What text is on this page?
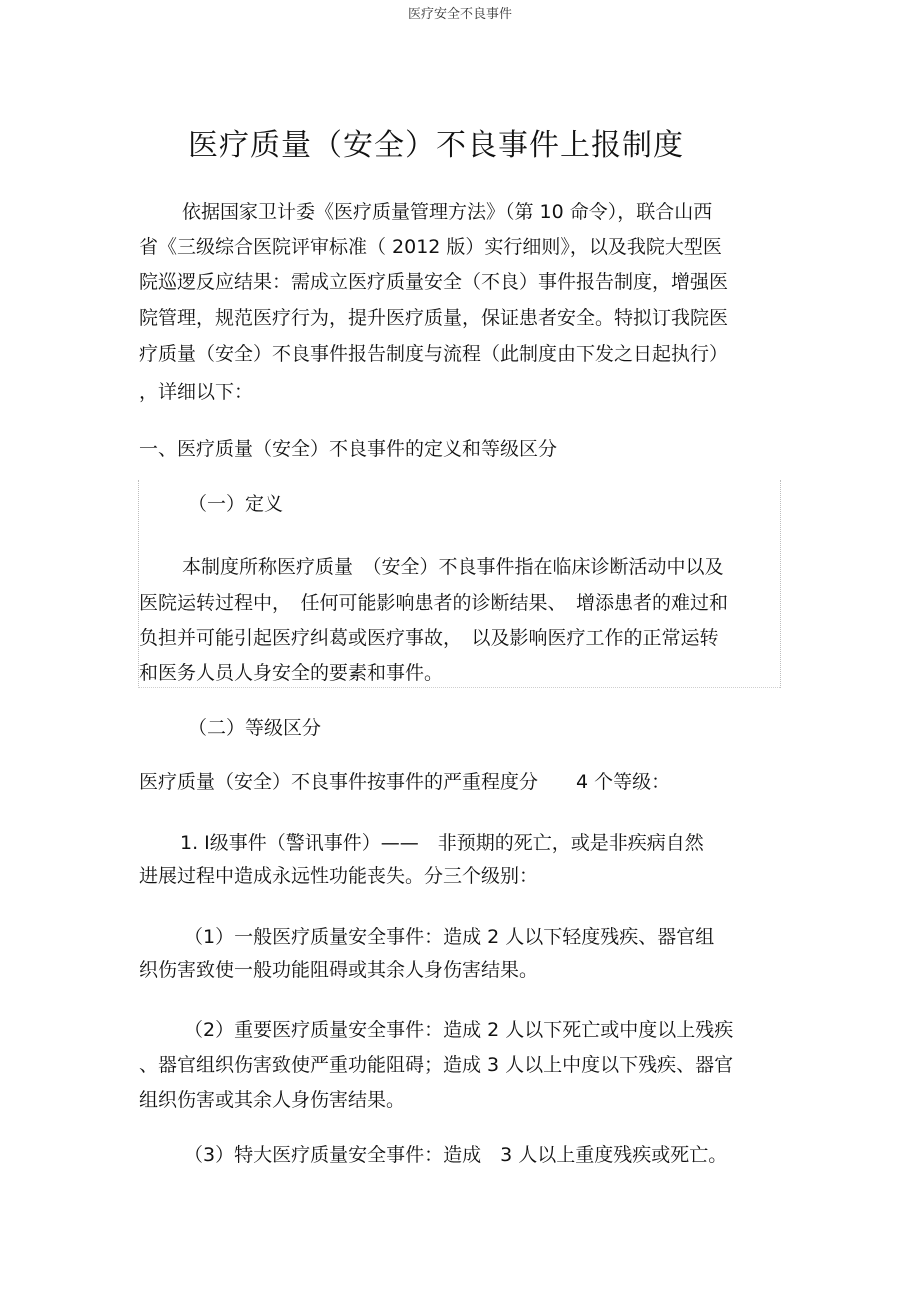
医疗安全不良事件
医疗质量（安全）不良事件上报制度
依据国家卫计委《医疗质量管理方法》（第 10 命令），联合山西
省《三级综合医院评审标准（ 2012 版）实行细则》，以及我院大型医
院巡逻反应结果：需成立医疗质量安全（不良）事件报告制度，增强医
院管理，规范医疗行为，提升医疗质量，保证患者安全。特拟订我院医
疗质量（安全）不良事件报告制度与流程（此制度由下发之日起执行）
，详细以下：
一、医疗质量（安全）不良事件的定义和等级区分
（一）定义
本制度所称医疗质量　（安全）不良事件指在临床诊断活动中以及
医院运转过程中，　任何可能影响患者的诊断结果、　增添患者的难过和
负担并可能引起医疗纠葛或医疗事故，　以及影响医疗工作的正常运转
和医务人员人身安全的要素和事件。
（二）等级区分
医疗质量（安全）不良事件按事件的严重程度分　　4 个等级：
1. Ⅰ级事件（警讯事件）——　非预期的死亡，或是非疾病自然
进展过程中造成永远性功能丧失。分三个级别：
（1）一般医疗质量安全事件：造成 2 人以下轻度残疾、器官组
织伤害致使一般功能阻碍或其余人身伤害结果。
（2）重要医疗质量安全事件：造成 2 人以下死亡或中度以上残疾
、器官组织伤害致使严重功能阻碍；造成 3 人以上中度以下残疾、器官
组织伤害或其余人身伤害结果。
（3）特大医疗质量安全事件：造成　3 人以上重度残疾或死亡。
